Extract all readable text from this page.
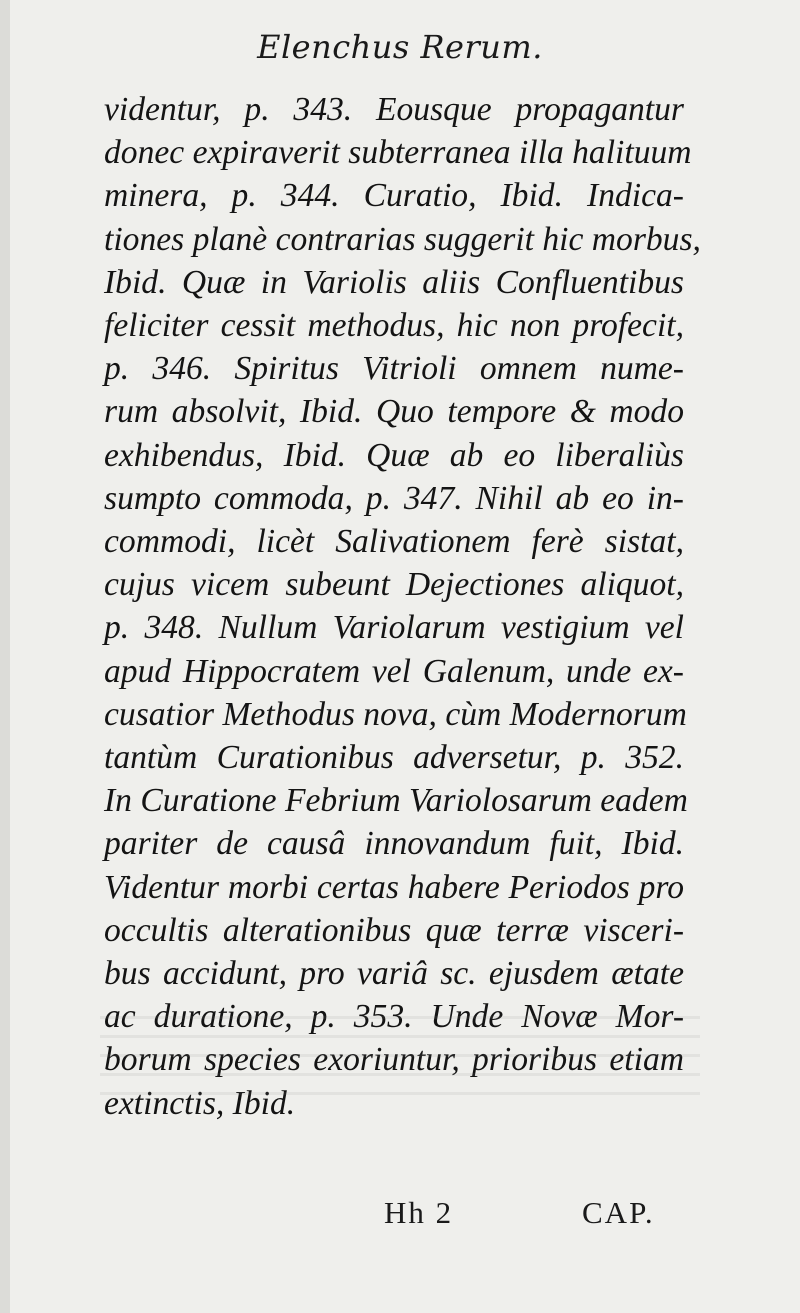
Elenchus Rerum.
videntur, p. 343. Eousque propagantur
donec expiraverit subterranea illa halituum
minera, p. 344. Curatio, Ibid. Indica-
tiones planè contrarias suggerit hic morbus,
Ibid. Quæ in Variolis aliis Confluentibus
feliciter cessit methodus, hic non profecit,
p. 346. Spiritus Vitrioli omnem nume-
rum absolvit, Ibid. Quo tempore & modo
exhibendus, Ibid. Quæ ab eo liberaliùs
sumpto commoda, p. 347. Nihil ab eo in-
commodi, licèt Salivationem ferè sistat,
cujus vicem subeunt Dejectiones aliquot,
p. 348. Nullum Variolarum vestigium vel
apud Hippocratem vel Galenum, unde ex-
cusatior Methodus nova, cùm Modernorum
tantùm Curationibus adversetur, p. 352.
In Curatione Febrium Variolosarum eadem
pariter de causâ innovandum fuit, Ibid.
Videntur morbi certas habere Periodos pro
occultis alterationibus quæ terræ visceri-
bus accidunt, pro variâ sc. ejusdem ætate
ac duratione, p. 353. Unde Novæ Mor-
borum species exoriuntur, prioribus etiam
extinctis, Ibid.
Hh 2	CAP.
